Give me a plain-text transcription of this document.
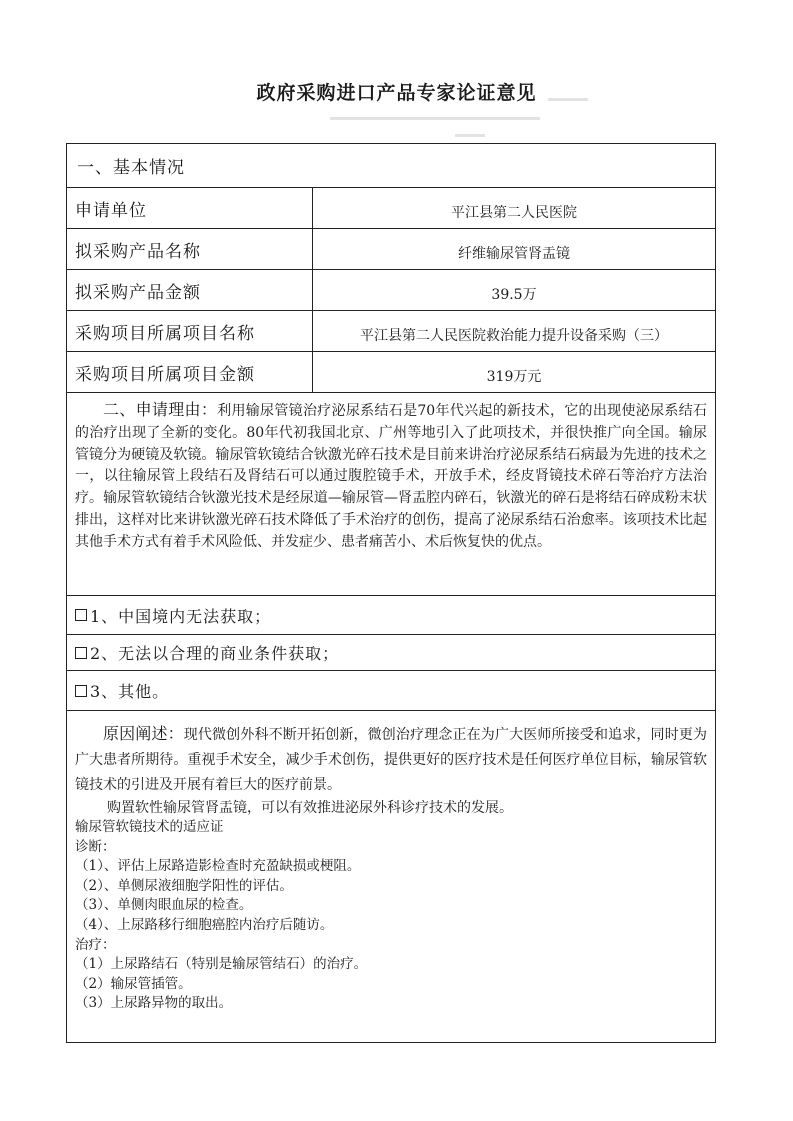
政府采购进口产品专家论证意见
一、基本情况
申请单位	平江县第二人民医院
拟采购产品名称	纤维输尿管肾盂镜
拟采购产品金额	39.5万
采购项目所属项目名称	平江县第二人民医院救治能力提升设备采购（三）
采购项目所属项目金额	319万元

二、申请理由：利用输尿管镜治疗泌尿系结石是70年代兴起的新技术，它的出现使泌尿系结石的治疗出现了全新的变化。80年代初我国北京、广州等地引入了此项技术，并很快推广向全国。输尿管镜分为硬镜及软镜。输尿管软镜结合钬激光碎石技术是目前来讲治疗泌尿系结石病最为先进的技术之一，以往输尿管上段结石及肾结石可以通过腹腔镜手术，开放手术，经皮肾镜技术碎石等治疗方法治疗。输尿管软镜结合钬激光技术是经尿道—输尿管—肾盂腔内碎石，钬激光的碎石是将结石碎成粉末状排出，这样对比来讲钬激光碎石技术降低了手术治疗的创伤，提高了泌尿系结石治愈率。该项技术比起其他手术方式有着手术风险低、并发症少、患者痛苦小、术后恢复快的优点。

1、中国境内无法获取；
2、无法以合理的商业条件获取；
3、其他。

原因阐述：现代微创外科不断开拓创新，微创治疗理念正在为广大医师所接受和追求，同时更为广大患者所期待。重视手术安全，减少手术创伤，提供更好的医疗技术是任何医疗单位目标，输尿管软镜技术的引进及开展有着巨大的医疗前景。

购置软性输尿管肾盂镜，可以有效推进泌尿外科诊疗技术的发展。

输尿管软镜技术的适应证

诊断：

（1）、评估上尿路造影检查时充盈缺损或梗阻。

（2）、单侧尿液细胞学阳性的评估。

（3）、单侧肉眼血尿的检查。

（4）、上尿路移行细胞癌腔内治疗后随访。

治疗：

（1）上尿路结石（特别是输尿管结石）的治疗。

（2）输尿管插管。

（3）上尿路异物的取出。
